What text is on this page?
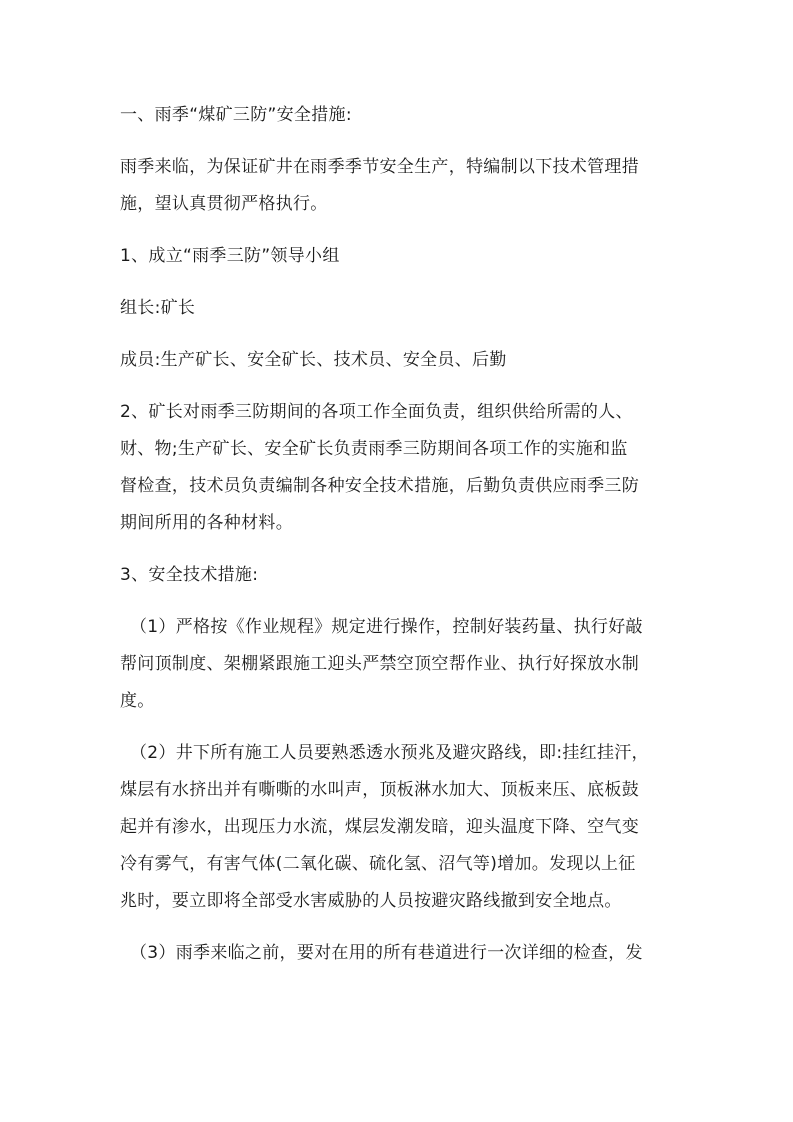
一、雨季“煤矿三防”安全措施:
雨季来临，为保证矿井在雨季季节安全生产，特编制以下技术管理措
施，望认真贯彻严格执行。
1、成立“雨季三防”领导小组
组长:矿长
成员:生产矿长、安全矿长、技术员、安全员、后勤
2、矿长对雨季三防期间的各项工作全面负责，组织供给所需的人、
财、物;生产矿长、安全矿长负责雨季三防期间各项工作的实施和监
督检查，技术员负责编制各种安全技术措施，后勤负责供应雨季三防
期间所用的各种材料。
3、安全技术措施:
（1）严格按《作业规程》规定进行操作，控制好装药量、执行好敲
帮问顶制度、架棚紧跟施工迎头严禁空顶空帮作业、执行好探放水制
度。
（2）井下所有施工人员要熟悉透水预兆及避灾路线，即:挂红挂汗，
煤层有水挤出并有嘶嘶的水叫声，顶板淋水加大、顶板来压、底板鼓
起并有渗水，出现压力水流，煤层发潮发暗，迎头温度下降、空气变
冷有雾气，有害气体(二氧化碳、硫化氢、沼气等)增加。发现以上征
兆时，要立即将全部受水害威胁的人员按避灾路线撤到安全地点。
（3）雨季来临之前，要对在用的所有巷道进行一次详细的检查，发
